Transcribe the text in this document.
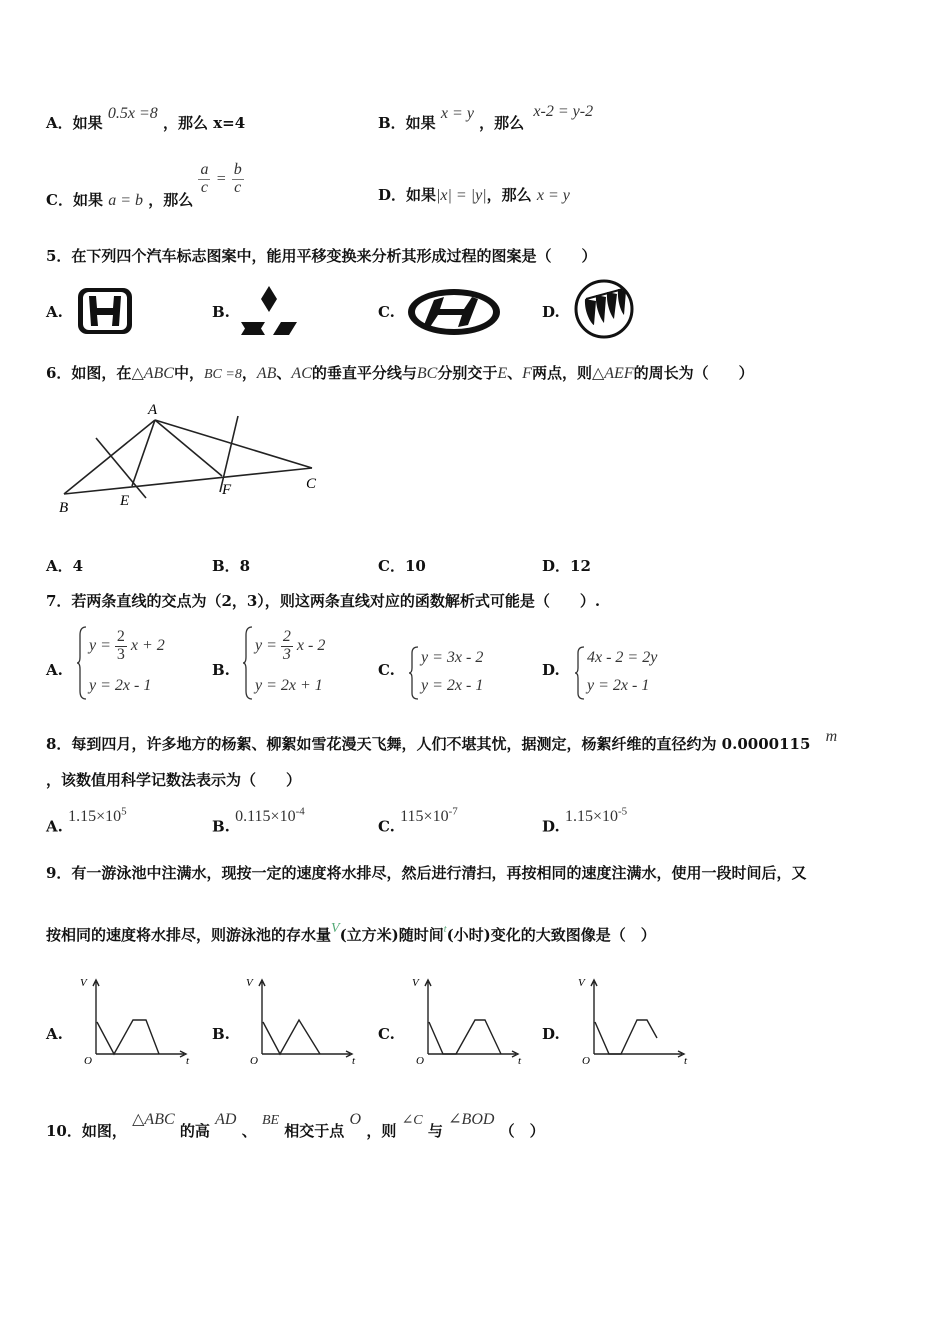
A．如果 0.5x =8 ，那么 x=4	B．如果 x = y ，那么 x-2 = y-2
C．如果 a = b ，那么
$\frac{a}{c} = \frac{b}{c}$	D．如果|x| = |y|，那么 x = y
5．在下列四个汽车标志图案中，能用平移变换来分析其形成过程的图案是（　　）
A.	B.	C.	D.
6．如图，在△ABC中，BC =8，AB、AC的垂直平分线与BC分别交于E、F两点，则△AEF的周长为（　　）
A
B
C
E
F
A．4	B．8	C．10	D．12
7．若两条直线的交点为（2，3），则这两条直线对应的函数解析式可能是（　　）.
A.
$y = \frac{2}{3}$ x + 2
y = 2x - 1
B.
$y = \frac{2}{3}$ x - 2
y = 2x + 1
C.
y = 3x - 2
y = 2x - 1
D.
4x - 2 = 2y
y = 2x - 1
8．每到四月，许多地方的杨絮、柳絮如雪花漫天飞舞，人们不堪其忧，据测定，杨絮纤维的直径约为 0.0000115 m
，该数值用科学记数法表示为（　　）
A. $1.15\times 10^5$
B. $0.115\times 10^{-4}$
C. $115\times 10^{-7}$
D. $1.15\times 10^{-5}$
9．有一游泳池中注满水，现按一定的速度将水排尽，然后进行清扫，再按相同的速度注满水，使用一段时间后，又
按相同的速度将水排尽，则游泳池的存水量V(立方米)随时间$^t$(小时)变化的大致图像是（　）
A.	B.	C.	D.
V
O	t
V
O	t
V
O	t
V
O	t
10．如图， △ABC 的高 AD 、 BE 相交于点 O ，则 ∠C 与 ∠BOD （　）
